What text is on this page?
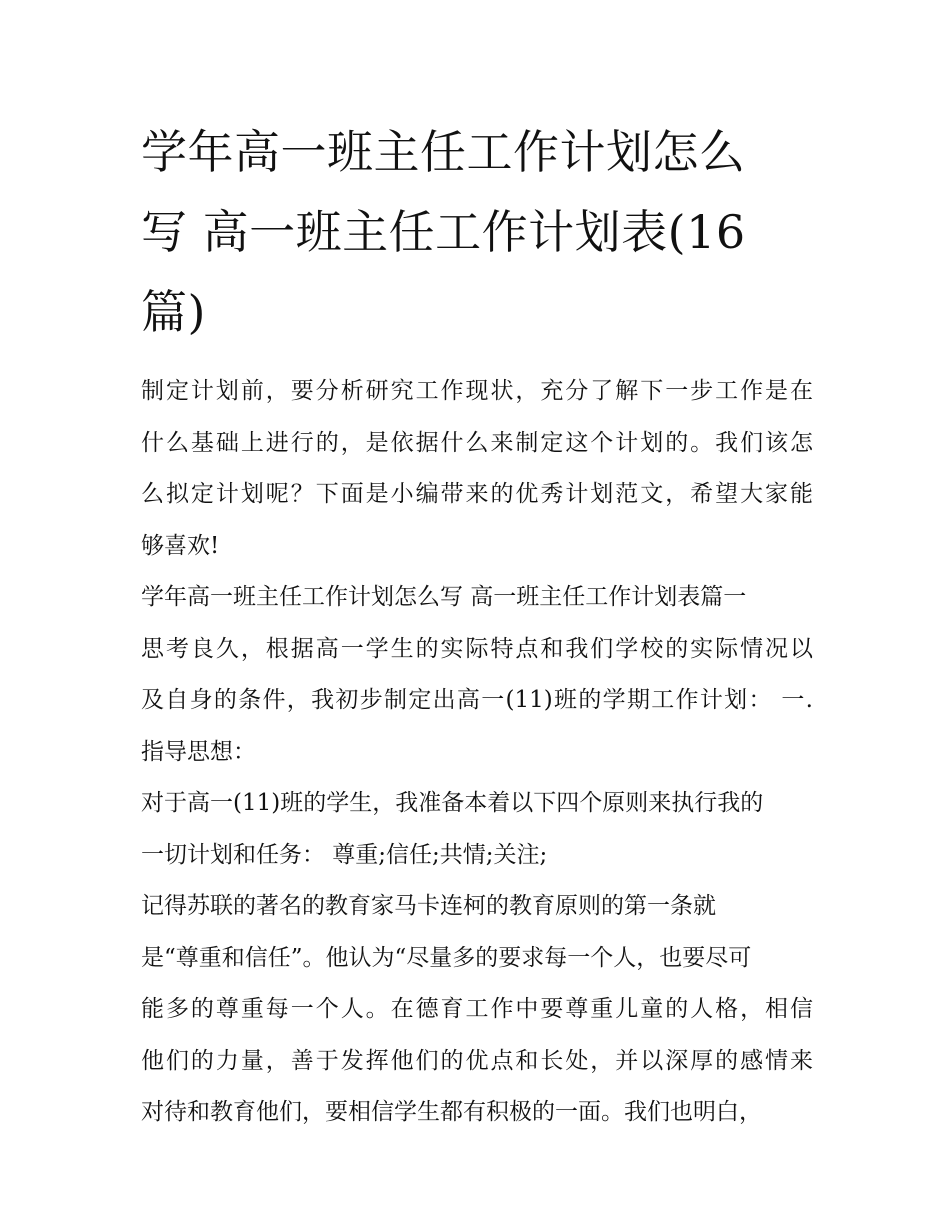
学年高一班主任工作计划怎么
写 高一班主任工作计划表(16
篇)
制定计划前，要分析研究工作现状，充分了解下一步工作是在
什么基础上进行的，是依据什么来制定这个计划的。我们该怎
么拟定计划呢？下面是小编带来的优秀计划范文，希望大家能
够喜欢!
学年高一班主任工作计划怎么写 高一班主任工作计划表篇一
思考良久，根据高一学生的实际特点和我们学校的实际情况以
及自身的条件，我初步制定出高一(11)班的学期工作计划： 一.
指导思想：
对于高一(11)班的学生，我准备本着以下四个原则来执行我的
一切计划和任务： 尊重;信任;共情;关注;
记得苏联的著名的教育家马卡连柯的教育原则的第一条就
是“尊重和信任”。他认为“尽量多的要求每一个人，也要尽可
能多的尊重每一个人。在德育工作中要尊重儿童的人格，相信
他们的力量，善于发挥他们的优点和长处，并以深厚的感情来
对待和教育他们，要相信学生都有积极的一面。我们也明白，
